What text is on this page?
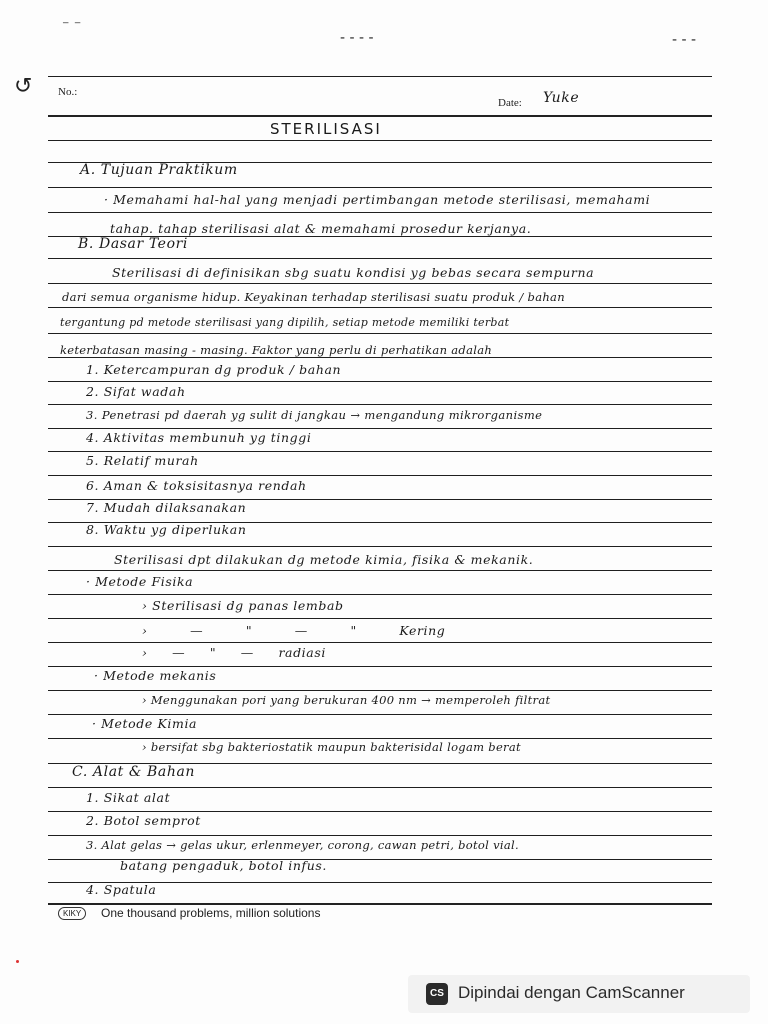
⁻ ⁻
- - - -	- - -
↺ No.:
Date: Yuke
STERILISASI
A. Tujuan Praktikum
· Memahami hal-hal yang menjadi pertimbangan metode sterilisasi, memahami
tahap. tahap sterilisasi alat & memahami prosedur kerjanya.
B. Dasar Teori
Sterilisasi di definisikan sbg suatu kondisi yg bebas secara sempurna
dari semua organisme hidup. Keyakinan terhadap sterilisasi suatu produk / bahan
tergantung pd metode sterilisasi yang dipilih, setiap metode memiliki terbat
keterbatasan masing - masing. Faktor yang perlu di perhatikan adalah
1. Ketercampuran dg produk / bahan
2. Sifat wadah
3. Penetrasi pd daerah yg sulit di jangkau → mengandung mikrorganisme
4. Aktivitas membunuh yg tinggi
5. Relatif murah
6. Aman & toksisitasnya rendah
7. Mudah dilaksanakan
8. Waktu yg diperlukan
Sterilisasi dpt dilakukan dg metode kimia, fisika & mekanik.
· Metode Fisika
› Sterilisasi dg panas lembab
› — " — " Kering
› — " — radiasi
· Metode mekanis
› Menggunakan pori yang berukuran 400 nm → memperoleh filtrat
· Metode Kimia
› bersifat sbg bakteriostatik maupun bakterisidal logam berat
C. Alat & Bahan
1. Sikat alat
2. Botol semprot
3. Alat gelas → gelas ukur, erlenmeyer, corong, cawan petri, botol vial.
batang pengaduk, botol infus.
4. Spatula
KIKY	One thousand problems, million solutions
CS Dipindai dengan CamScanner
